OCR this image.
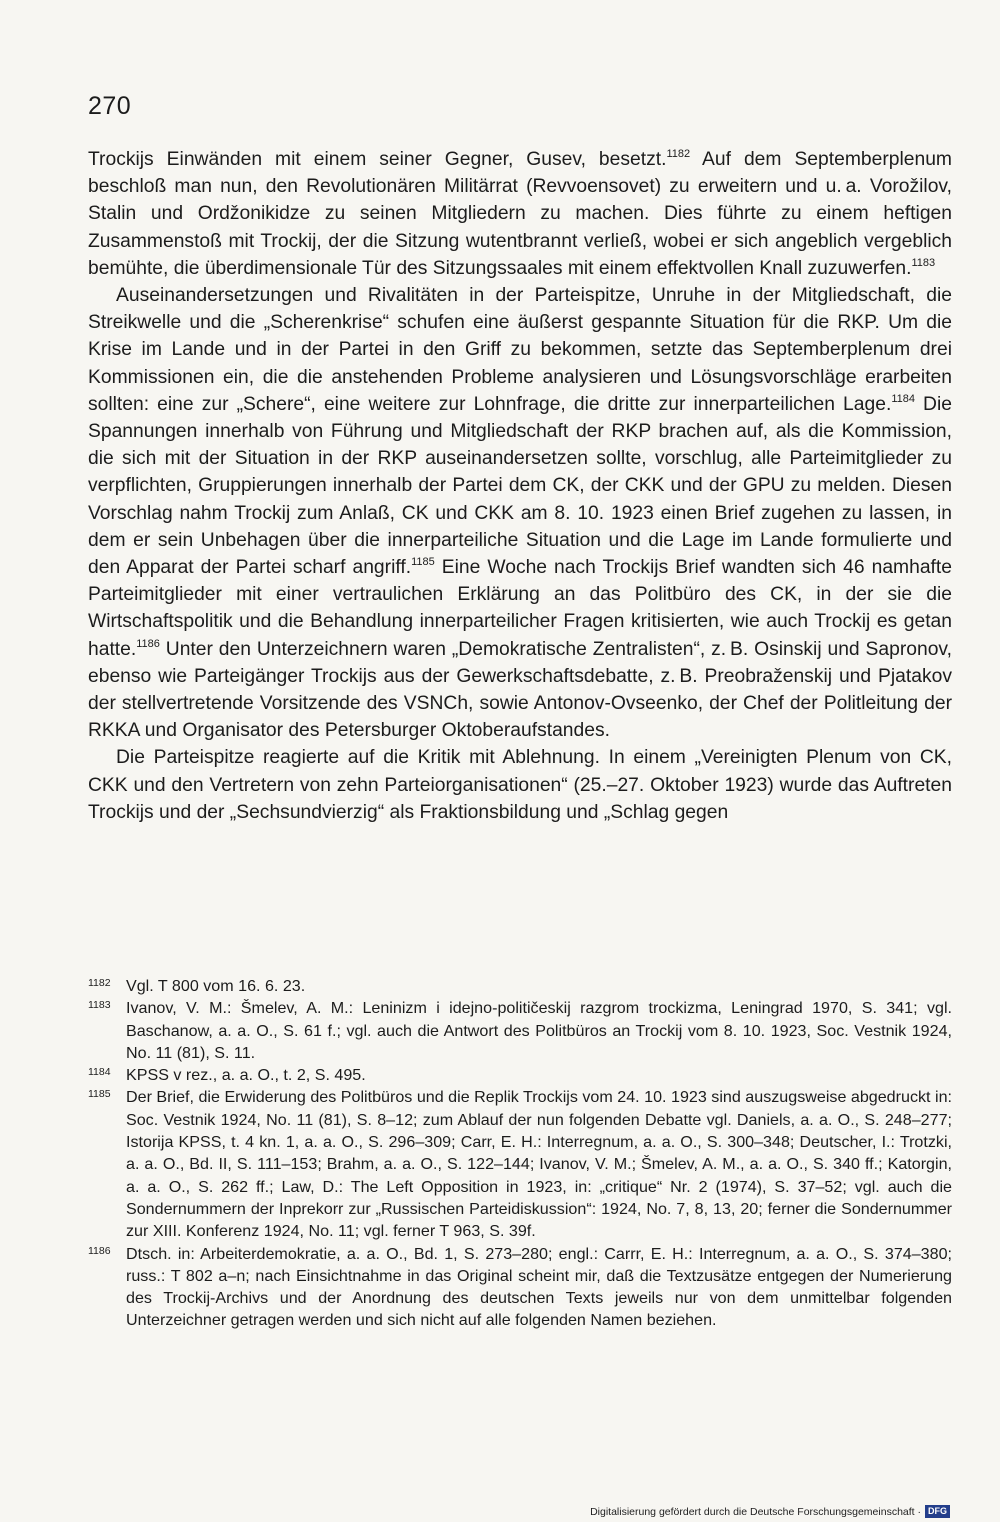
270

Trockijs Einwänden mit einem seiner Gegner, Gusev, besetzt.$^{1182}$ Auf dem Septemberplenum beschloß man nun, den Revolutionären Militärrat (Revvoensovet) zu erweitern und u. a. Vorožilov, Stalin und Ordžonikidze zu seinen Mitgliedern zu machen. Dies führte zu einem heftigen Zusammenstoß mit Trockij, der die Sitzung wutentbrannt verließ, wobei er sich angeblich vergeblich bemühte, die überdimensionale Tür des Sitzungssaales mit einem effektvollen Knall zuzuwerfen.$^{1183}$

Auseinandersetzungen und Rivalitäten in der Parteispitze, Unruhe in der Mitgliedschaft, die Streikwelle und die „Scherenkrise“ schufen eine äußerst gespannte Situation für die RKP. Um die Krise im Lande und in der Partei in den Griff zu bekommen, setzte das Septemberplenum drei Kommissionen ein, die die anstehenden Probleme analysieren und Lösungsvorschläge erarbeiten sollten: eine zur „Schere“, eine weitere zur Lohnfrage, die dritte zur innerparteilichen Lage.$^{1184}$ Die Spannungen innerhalb von Führung und Mitgliedschaft der RKP brachen auf, als die Kommission, die sich mit der Situation in der RKP auseinandersetzen sollte, vorschlug, alle Parteimitglieder zu verpflichten, Gruppierungen innerhalb der Partei dem CK, der CKK und der GPU zu melden. Diesen Vorschlag nahm Trockij zum Anlaß, CK und CKK am 8. 10. 1923 einen Brief zugehen zu lassen, in dem er sein Unbehagen über die innerparteiliche Situation und die Lage im Lande formulierte und den Apparat der Partei scharf angriff.$^{1185}$ Eine Woche nach Trockijs Brief wandten sich 46 namhafte Parteimitglieder mit einer vertraulichen Erklärung an das Politbüro des CK, in der sie die Wirtschaftspolitik und die Behandlung innerparteilicher Fragen kritisierten, wie auch Trockij es getan hatte.$^{1186}$ Unter den Unterzeichnern waren „Demokratische Zentralisten“, z. B. Osinskij und Sapronov, ebenso wie Parteigänger Trockijs aus der Gewerkschaftsdebatte, z. B. Preobraženskij und Pjatakov der stellvertretende Vorsitzende des VSNCh, sowie Antonov-Ovseenko, der Chef der Politleitung der RKKA und Organisator des Petersburger Oktoberaufstandes.

Die Parteispitze reagierte auf die Kritik mit Ablehnung. In einem „Vereinigten Plenum von CK, CKK und den Vertretern von zehn Parteiorganisationen“ (25.–27. Oktober 1923) wurde das Auftreten Trockijs und der „Sechsundvierzig“ als Fraktionsbildung und „Schlag gegen

1182 Vgl. T 800 vom 16. 6. 23.
1183 Ivanov, V. M.: Šmelev, A. M.: Leninizm i idejno-političeskij razgrom trockizma, Leningrad 1970, S. 341; vgl. Baschanow, a. a. O., S. 61 f.; vgl. auch die Antwort des Politbüros an Trockij vom 8. 10. 1923, Soc. Vestnik 1924, No. 11 (81), S. 11.
1184 KPSS v rez., a. a. O., t. 2, S. 495.
1185 Der Brief, die Erwiderung des Politbüros und die Replik Trockijs vom 24. 10. 1923 sind auszugsweise abgedruckt in: Soc. Vestnik 1924, No. 11 (81), S. 8–12; zum Ablauf der nun folgenden Debatte vgl. Daniels, a. a. O., S. 248–277; Istorija KPSS, t. 4 kn. 1, a. a. O., S. 296–309; Carr, E. H.: Interregnum, a. a. O., S. 300–348; Deutscher, I.: Trotzki, a. a. O., Bd. II, S. 111–153; Brahm, a. a. O., S. 122–144; Ivanov, V. M.; Šmelev, A. M., a. a. O., S. 340 ff.; Katorgin, a. a. O., S. 262 ff.; Law, D.: The Left Opposition in 1923, in: „critique“ Nr. 2 (1974), S. 37–52; vgl. auch die Sondernummern der Inprekorr zur „Russischen Parteidiskussion“: 1924, No. 7, 8, 13, 20; ferner die Sondernummer zur XIII. Konferenz 1924, No. 11; vgl. ferner T 963, S. 39f.
1186 Dtsch. in: Arbeiterdemokratie, a. a. O., Bd. 1, S. 273–280; engl.: Carrr, E. H.: Interregnum, a. a. O., S. 374–380; russ.: T 802 a–n; nach Einsichtnahme in das Original scheint mir, daß die Textzusätze entgegen der Numerierung des Trockij-Archivs und der Anordnung des deutschen Texts jeweils nur von dem unmittelbar folgenden Unterzeichner getragen werden und sich nicht auf alle folgenden Namen beziehen.
Digitalisierung gefördert durch die Deutsche Forschungsgemeinschaft · DFG
